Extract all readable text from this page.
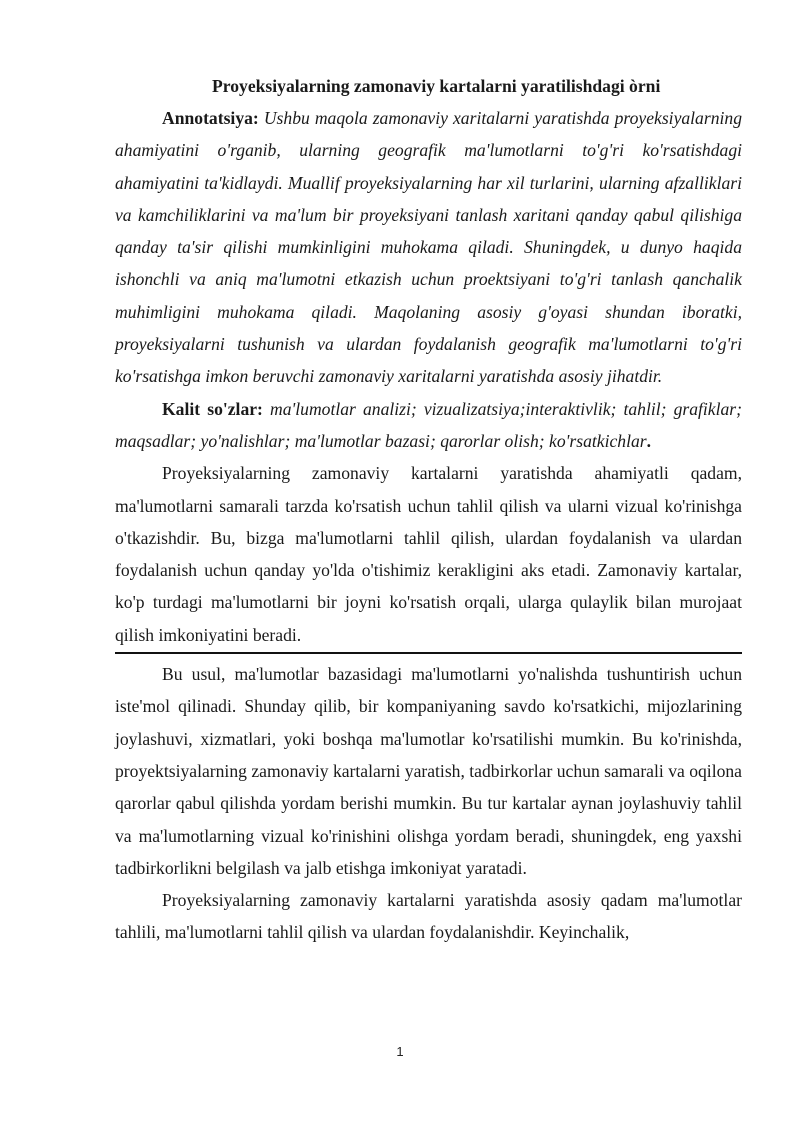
Proyeksiyalarning zamonaviy kartalarni yaratilishdagi òrni

Annotatsiya: Ushbu maqola zamonaviy xaritalarni yaratishda proyeksiyalarning ahamiyatini o'rganib, ularning geografik ma'lumotlarni to'g'ri ko'rsatishdagi ahamiyatini ta'kidlaydi. Muallif proyeksiyalarning har xil turlarini, ularning afzalliklari va kamchiliklarini va ma'lum bir proyeksiyani tanlash xaritani qanday qabul qilishiga qanday ta'sir qilishi mumkinligini muhokama qiladi. Shuningdek, u dunyo haqida ishonchli va aniq ma'lumotni etkazish uchun proektsiyani to'g'ri tanlash qanchalik muhimligini muhokama qiladi. Maqolaning asosiy g'oyasi shundan iboratki, proyeksiyalarni tushunish va ulardan foydalanish geografik ma'lumotlarni to'g'ri ko'rsatishga imkon beruvchi zamonaviy xaritalarni yaratishda asosiy jihatdir.

Kalit so'zlar: ma'lumotlar analizi; vizualizatsiya;interaktivlik; tahlil; grafiklar; maqsadlar; yo'nalishlar; ma'lumotlar bazasi; qarorlar olish; ko'rsatkichlar.

Proyeksiyalarning zamonaviy kartalarni yaratishda ahamiyatli qadam, ma'lumotlarni samarali tarzda ko'rsatish uchun tahlil qilish va ularni vizual ko'rinishga o'tkazishdir. Bu, bizga ma'lumotlarni tahlil qilish, ulardan foydalanish va ulardan foydalanish uchun qanday yo'lda o'tishimiz kerakligini aks etadi. Zamonaviy kartalar, ko'p turdagi ma'lumotlarni bir joyni ko'rsatish orqali, ularga qulaylik bilan murojaat qilish imkoniyatini beradi.

Bu usul, ma'lumotlar bazasidagi ma'lumotlarni yo'nalishda tushuntirish uchun iste'mol qilinadi. Shunday qilib, bir kompaniyaning savdo ko'rsatkichi, mijozlarining joylashuvi, xizmatlari, yoki boshqa ma'lumotlar ko'rsatilishi mumkin. Bu ko'rinishda, proyektsiyalarning zamonaviy kartalarni yaratish, tadbirkorlar uchun samarali va oqilona qarorlar qabul qilishda yordam berishi mumkin. Bu tur kartalar aynan joylashuviy tahlil va ma'lumotlarning vizual ko'rinishini olishga yordam beradi, shuningdek, eng yaxshi tadbirkorlikni belgilash va jalb etishga imkoniyat yaratadi.

Proyeksiyalarning zamonaviy kartalarni yaratishda asosiy qadam ma'lumotlar tahlili, ma'lumotlarni tahlil qilish va ulardan foydalanishdir. Keyinchalik,

1
